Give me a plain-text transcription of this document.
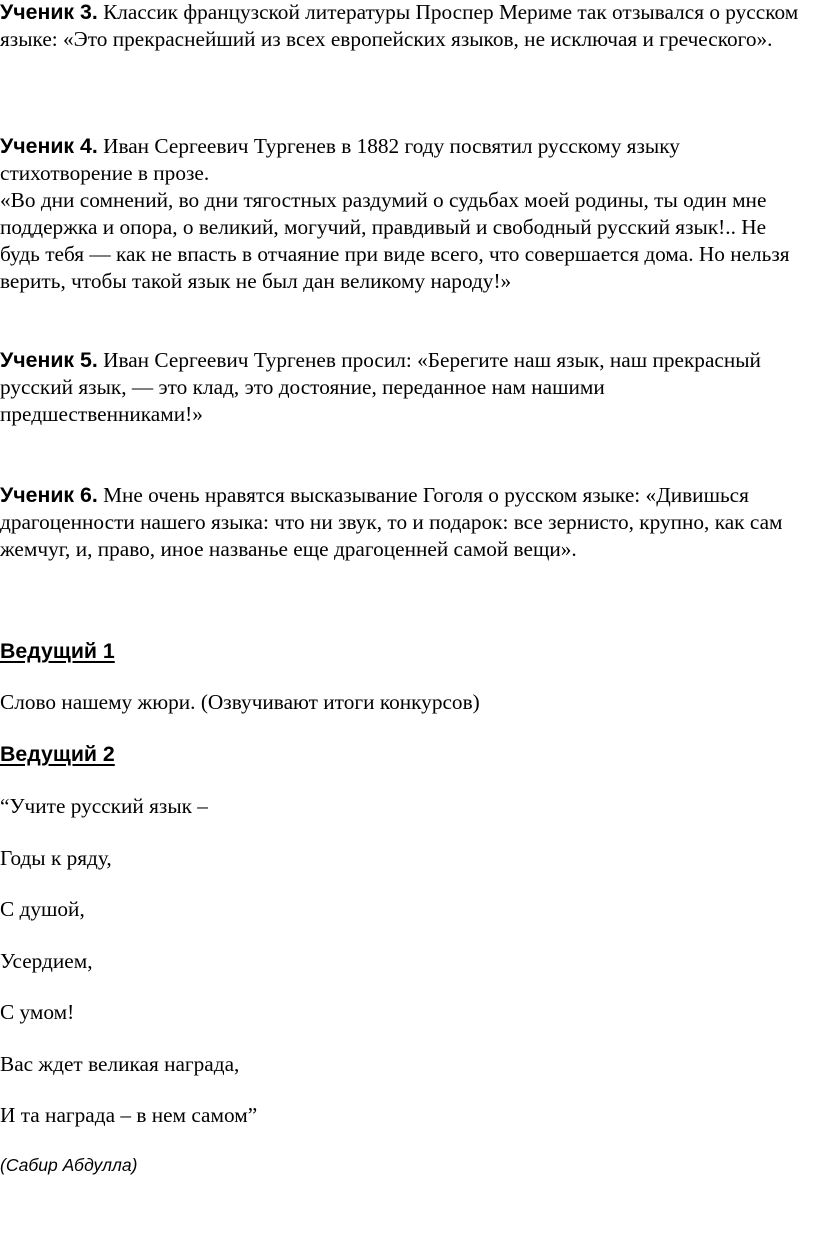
Ученик 3. Классик французской литературы Проспер Мериме так отзывался о русском языке: «Это прекраснейший из всех европейских языков, не исключая и греческого».

Ученик 4. Иван Сергеевич Тургенев в 1882 году посвятил русскому языку стихотворение в прозе.

«Во дни сомнений, во дни тягостных раздумий о судьбах моей родины, ты один мне поддержка и опора, о великий, могучий, правдивый и свободный русский язык!.. Не будь тебя — как не впасть в отчаяние при виде всего, что совершается дома. Но нельзя верить, чтобы такой язык не был дан великому народу!»

Ученик 5. Иван Сергеевич Тургенев просил: «Берегите наш язык, наш прекрасный русский язык, — это клад, это достояние, переданное нам нашими предшественниками!»

Ученик 6. Мне очень нравятся высказывание Гоголя о русском языке: «Дивишься драгоценности нашего языка: что ни звук, то и подарок: все зернисто, крупно, как сам жемчуг, и, право, иное названье еще драгоценней самой вещи».

Ведущий 1

Слово нашему жюри. (Озвучивают итоги конкурсов)

Ведущий 2

“Учите русский язык –

Годы к ряду,

С душой,

Усердием,

С умом!

Вас ждет великая награда,

И та награда – в нем самом”

(Сабир Абдулла)
